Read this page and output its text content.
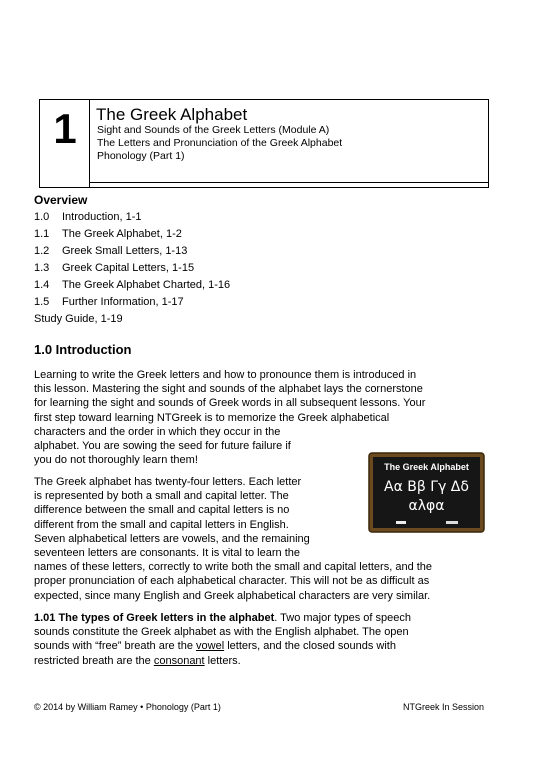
1	The Greek Alphabet
Sight and Sounds of the Greek Letters (Module A)
The Letters and Pronunciation of the Greek Alphabet
Phonology (Part 1)
Overview
1.0 Introduction, 1-1
1.1 The Greek Alphabet, 1-2
1.2 Greek Small Letters, 1-13
1.3 Greek Capital Letters, 1-15
1.4 The Greek Alphabet Charted, 1-16
1.5 Further Information, 1-17
Study Guide, 1-19
1.0 Introduction

Learning to write the Greek letters and how to pronounce them is introduced in

this lesson. Mastering the sight and sounds of the alphabet lays the cornerstone

for learning the sight and sounds of Greek words in all subsequent lessons. Your

first step toward learning NTGreek is to memorize the Greek alphabetical

characters and the order in which they occur in the

alphabet. You are sowing the seed for future failure if

you do not thoroughly learn them!

The Greek alphabet has twenty-four letters. Each letter

is represented by both a small and capital letter. The

difference between the small and capital letters is no

different from the small and capital letters in English.

Seven alphabetical letters are vowels, and the remaining

seventeen letters are consonants. It is vital to learn the

names of these letters, correctly to write both the small and capital letters, and the

proper pronunciation of each alphabetical character. This will not be as difficult as

expected, since many English and Greek alphabetical characters are very similar.

1.01 The types of Greek letters in the alphabet. Two major types of speech

sounds constitute the Greek alphabet as with the English alphabet. The open

sounds with “free” breath are the vowel letters, and the closed sounds with

restricted breath are the consonant letters.

The Greek Alphabet
Αα Ββ Γγ Δδ
αλφα
© 2014 by William Ramey • Phonology (Part 1)	NTGreek In Session
